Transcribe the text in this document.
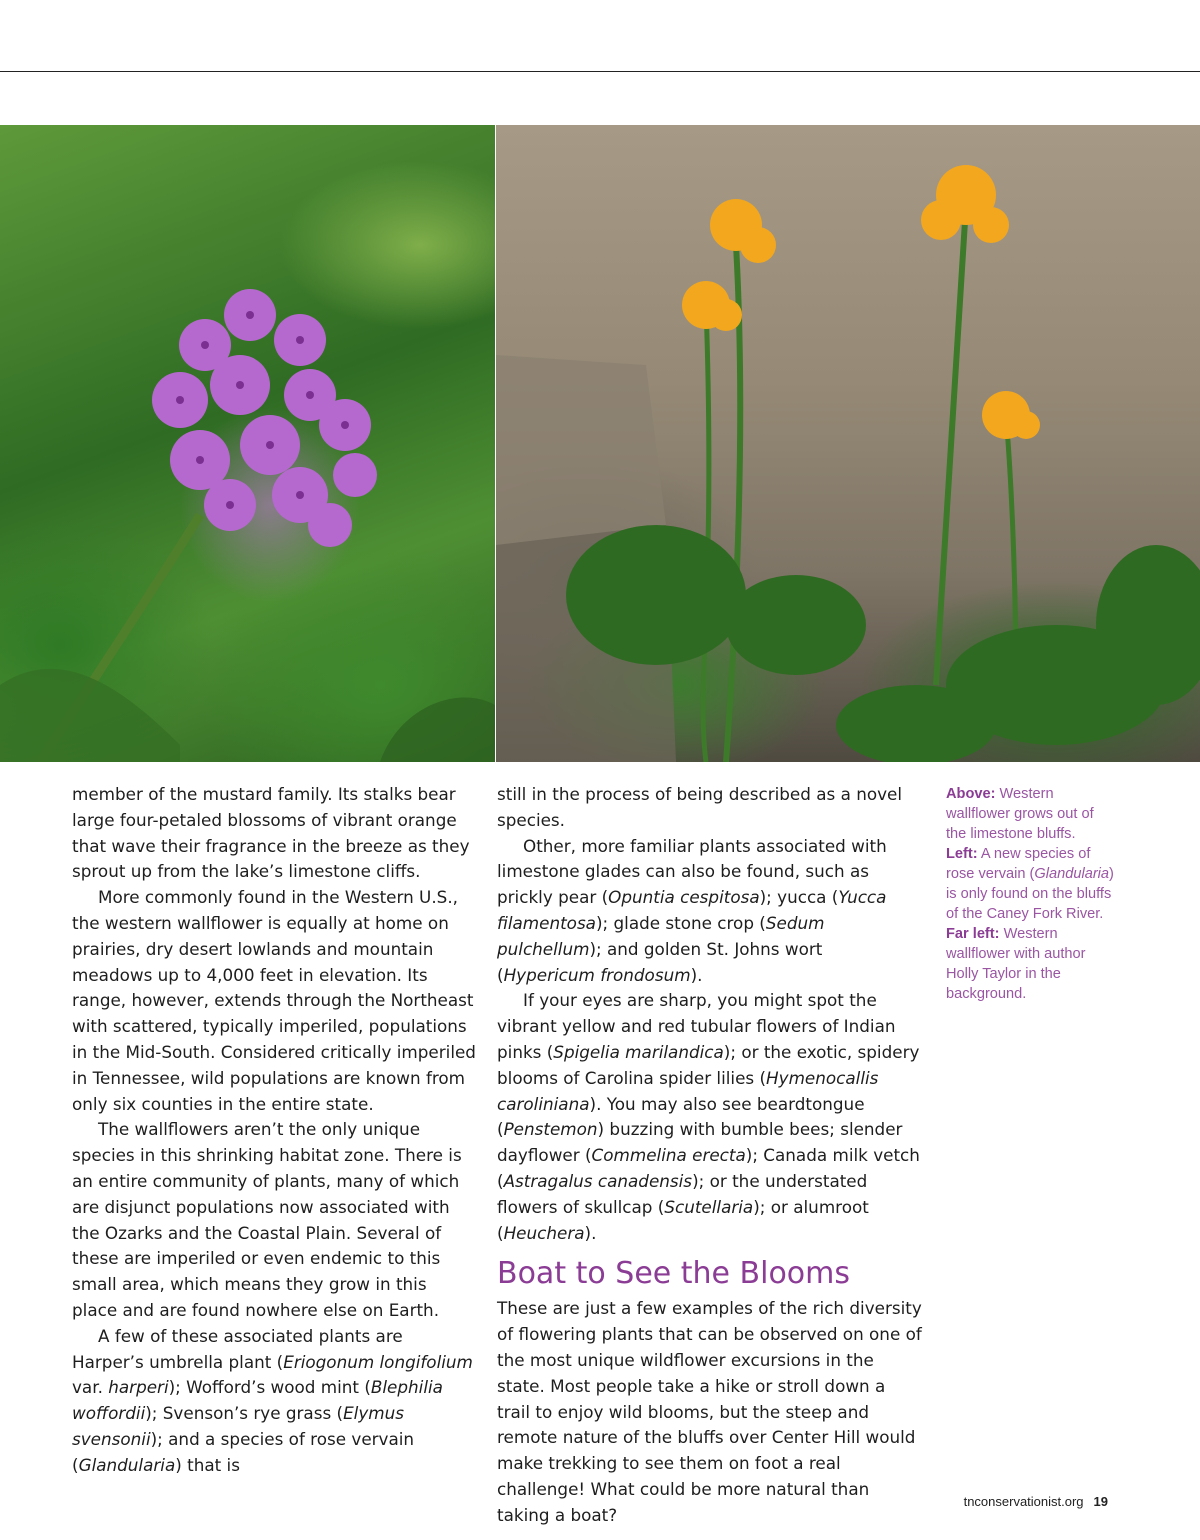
member of the mustard family. Its stalks bear large four-petaled blossoms of vibrant orange that wave their fragrance in the breeze as they sprout up from the lake’s limestone cliffs.

More commonly found in the Western U.S., the western wallflower is equally at home on prairies, dry desert lowlands and mountain meadows up to 4,000 feet in elevation. Its range, however, extends through the Northeast with scattered, typically imperiled, populations in the Mid-South. Considered critically imperiled in Tennessee, wild populations are known from only six counties in the entire state.

The wallflowers aren’t the only unique species in this shrinking habitat zone. There is an entire community of plants, many of which are disjunct populations now associated with the Ozarks and the Coastal Plain. Several of these are imperiled or even endemic to this small area, which means they grow in this place and are found nowhere else on Earth.

A few of these associated plants are Harper’s umbrella plant (Eriogonum longifolium var. harperi); Wofford’s wood mint (Blephilia woffordii); Svenson’s rye grass (Elymus svensonii); and a species of rose vervain (Glandularia) that is

still in the process of being described as a novel species.

Other, more familiar plants associated with limestone glades can also be found, such as prickly pear (Opuntia cespitosa); yucca (Yucca filamentosa); glade stone crop (Sedum pulchellum); and golden St. Johns wort (Hypericum frondosum).

If your eyes are sharp, you might spot the vibrant yellow and red tubular flowers of Indian pinks (Spigelia marilandica); or the exotic, spidery blooms of Carolina spider lilies (Hymenocallis caroliniana). You may also see beardtongue (Penstemon) buzzing with bumble bees; slender dayflower (Commelina erecta); Canada milk vetch (Astragalus canadensis); or the understated flowers of skullcap (Scutellaria); or alumroot (Heuchera).

Boat to See the Blooms

These are just a few examples of the rich diversity of flowering plants that can be observed on one of the most unique wildflower excursions in the state. Most people take a hike or stroll down a trail to enjoy wild blooms, but the steep and remote nature of the bluffs over Center Hill would make trekking to see them on foot a real challenge! What could be more natural than taking a boat?

Above: Western wallflower grows out of the limestone bluffs.
Left: A new species of rose vervain (Glandularia) is only found on the bluffs of the Caney Fork River.
Far left: Western wallflower with author Holly Taylor in the background.
tnconservationist.org 19
